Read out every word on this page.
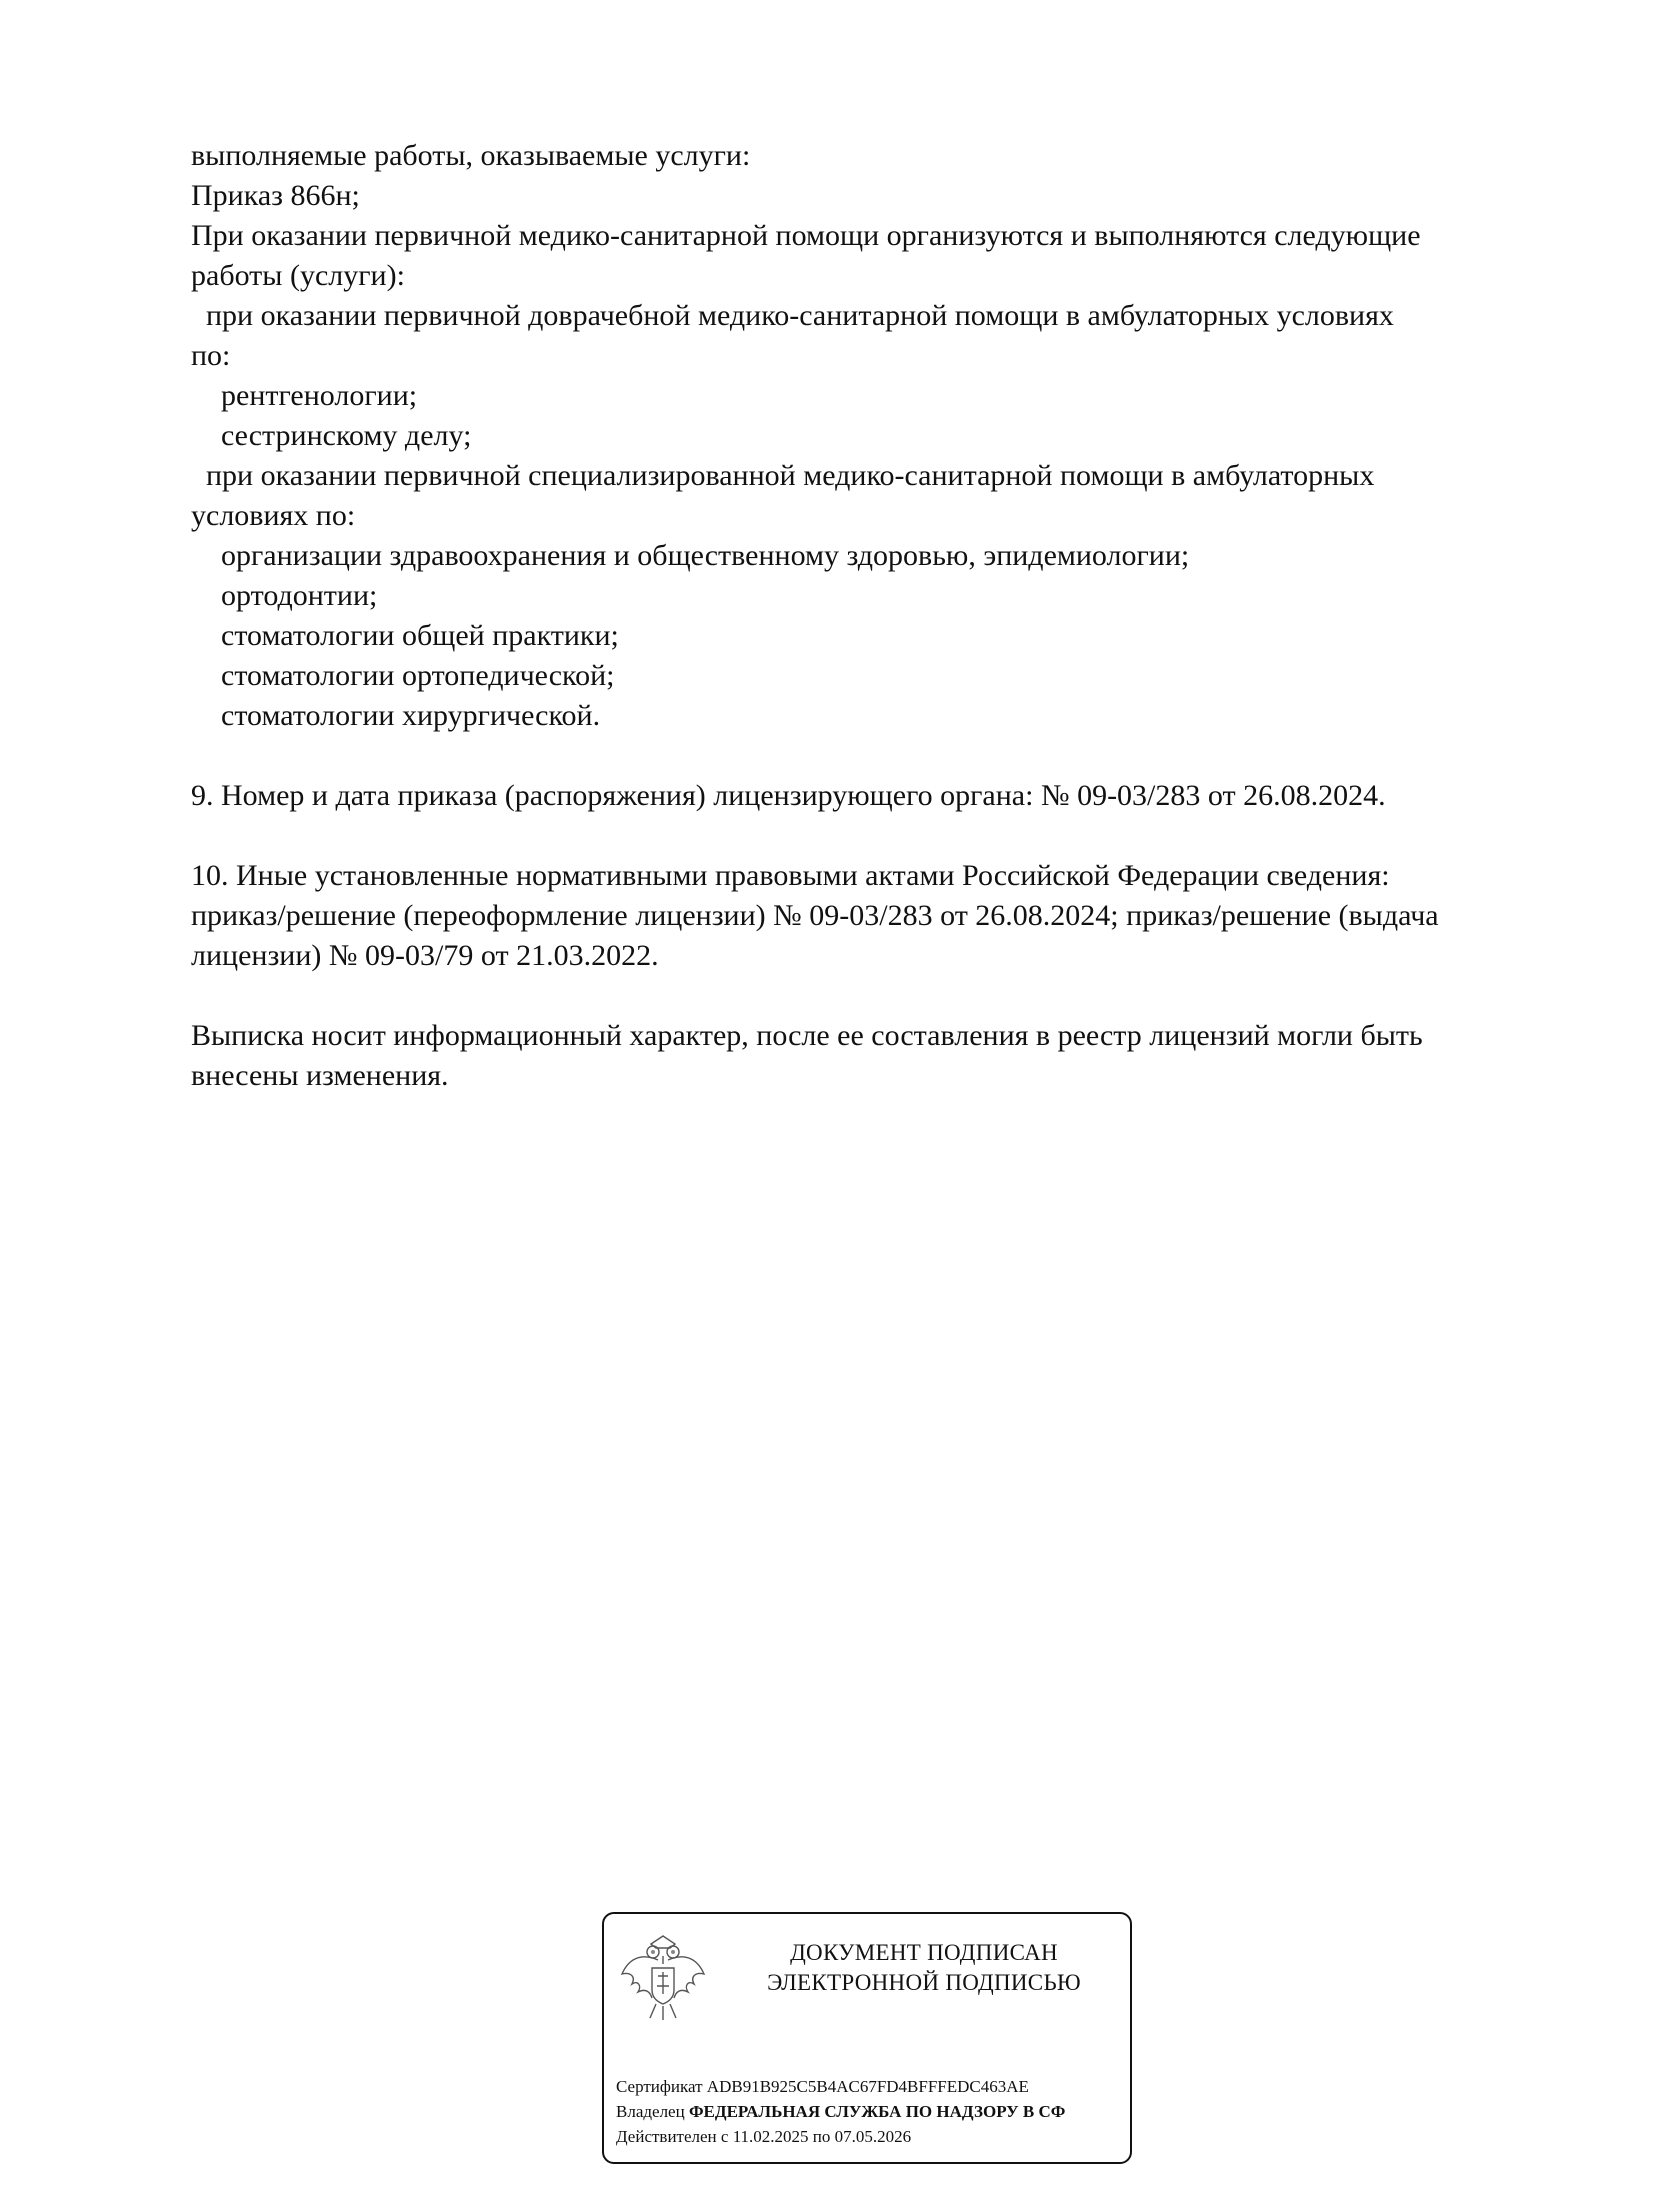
выполняемые работы, оказываемые услуги:
Приказ 866н;
При оказании первичной медико-санитарной помощи организуются и выполняются следующие
работы (услуги):
при оказании первичной доврачебной медико-санитарной помощи в амбулаторных условиях
по:
рентгенологии;
сестринскому делу;
при оказании первичной специализированной медико-санитарной помощи в амбулаторных
условиях по:
организации здравоохранения и общественному здоровью, эпидемиологии;
ортодонтии;
стоматологии общей практики;
стоматологии ортопедической;
стоматологии хирургической.
9. Номер и дата приказа (распоряжения) лицензирующего органа: № 09-03/283 от 26.08.2024.
10. Иные установленные нормативными правовыми актами Российской Федерации сведения:
приказ/решение (переоформление лицензии) № 09-03/283 от 26.08.2024; приказ/решение (выдача
лицензии) № 09-03/79 от 21.03.2022.
Выписка носит информационный характер, после ее составления в реестр лицензий могли быть
внесены изменения.
ДОКУМЕНТ ПОДПИСАН
ЭЛЕКТРОННОЙ ПОДПИСЬЮ
Сертификат ADB91B925C5B4AC67FD4BFFFEDC463AE
Владелец ФЕДЕРАЛЬНАЯ СЛУЖБА ПО НАДЗОРУ В СФ
Действителен с 11.02.2025 по 07.05.2026
